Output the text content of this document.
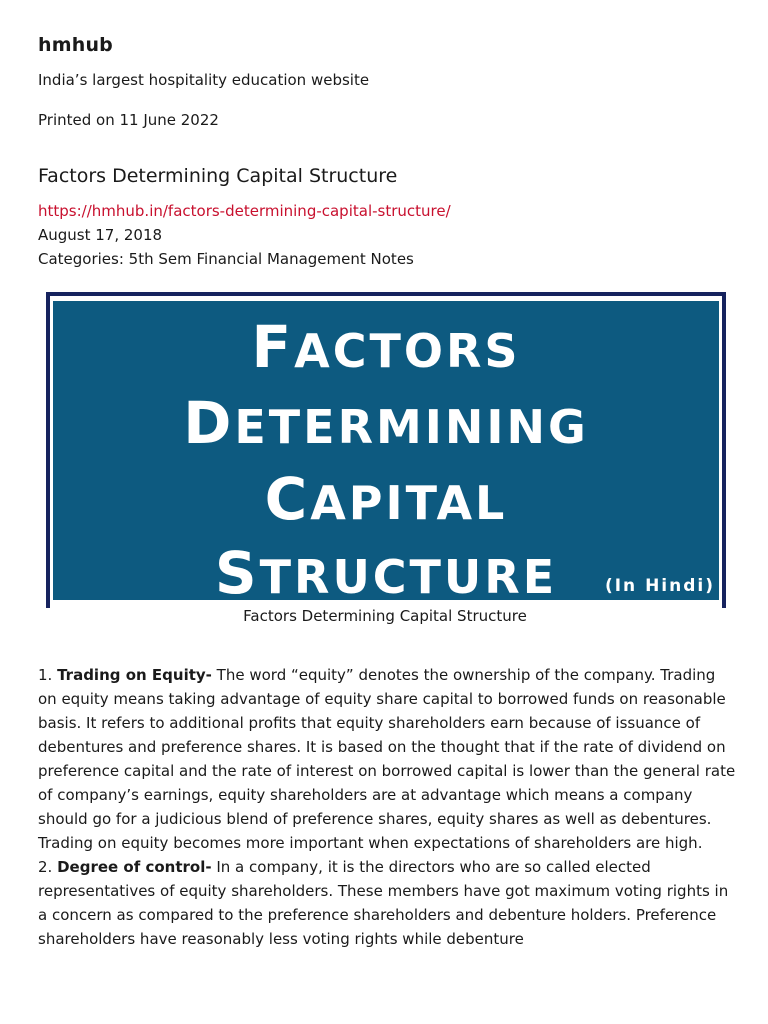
hmhub
India’s largest hospitality education website
Printed on 11 June 2022
Factors Determining Capital Structure
https://hmhub.in/factors-determining-capital-structure/
August 17, 2018
Categories: 5th Sem Financial Management Notes
FACTORS
DETERMINING
CAPITAL
STRUCTURE	(In Hindi)
Factors Determining Capital Structure

1. Trading on Equity- The word “equity” denotes the ownership of the company. Trading on equity means taking advantage of equity share capital to borrowed funds on reasonable basis. It refers to additional profits that equity shareholders earn because of issuance of debentures and preference shares. It is based on the thought that if the rate of dividend on preference capital and the rate of interest on borrowed capital is lower than the general rate of company’s earnings, equity shareholders are at advantage which means a company should go for a judicious blend of preference shares, equity shares as well as debentures. Trading on equity becomes more important when expectations of shareholders are high.

2. Degree of control- In a company, it is the directors who are so called elected representatives of equity shareholders. These members have got maximum voting rights in a concern as compared to the preference shareholders and debenture holders. Preference shareholders have reasonably less voting rights while debenture
